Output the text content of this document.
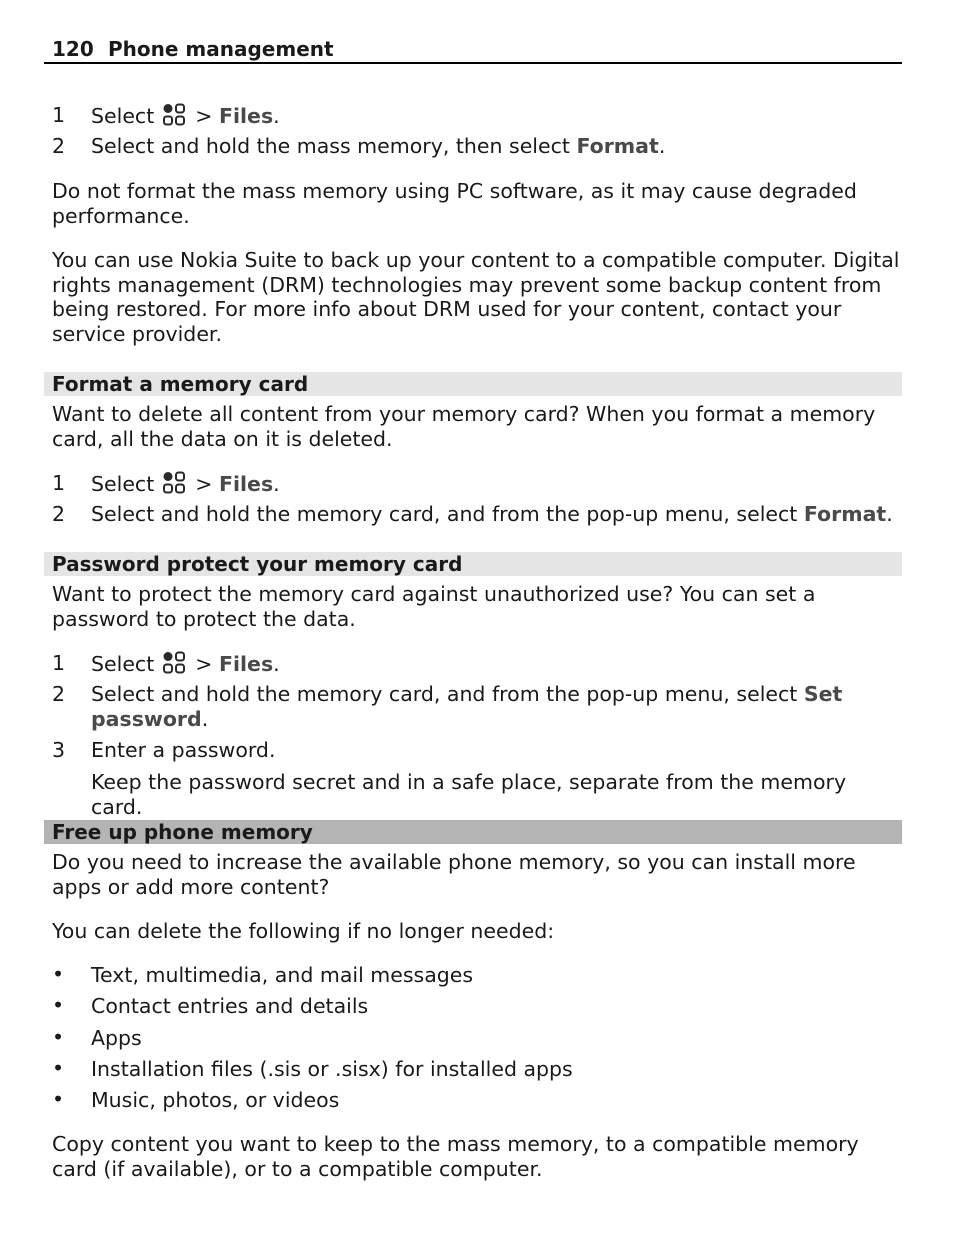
120 Phone management
1 Select  > Files.
2 Select and hold the mass memory, then select Format.
Do not format the mass memory using PC software, as it may cause degraded performance.
You can use Nokia Suite to back up your content to a compatible computer. Digital rights management (DRM) technologies may prevent some backup content from being restored. For more info about DRM used for your content, contact your service provider.
Format a memory card
Want to delete all content from your memory card? When you format a memory card, all the data on it is deleted.
1 Select  > Files.
2 Select and hold the memory card, and from the pop-up menu, select Format.
Password protect your memory card
Want to protect the memory card against unauthorized use? You can set a password to protect the data.
1 Select  > Files.
2 Select and hold the memory card, and from the pop-up menu, select Set password.
3 Enter a password.
Keep the password secret and in a safe place, separate from the memory card.
Free up phone memory
Do you need to increase the available phone memory, so you can install more apps or add more content?
You can delete the following if no longer needed:
• Text, multimedia, and mail messages
• Contact entries and details
• Apps
• Installation files (.sis or .sisx) for installed apps
• Music, photos, or videos
Copy content you want to keep to the mass memory, to a compatible memory card (if available), or to a compatible computer.
